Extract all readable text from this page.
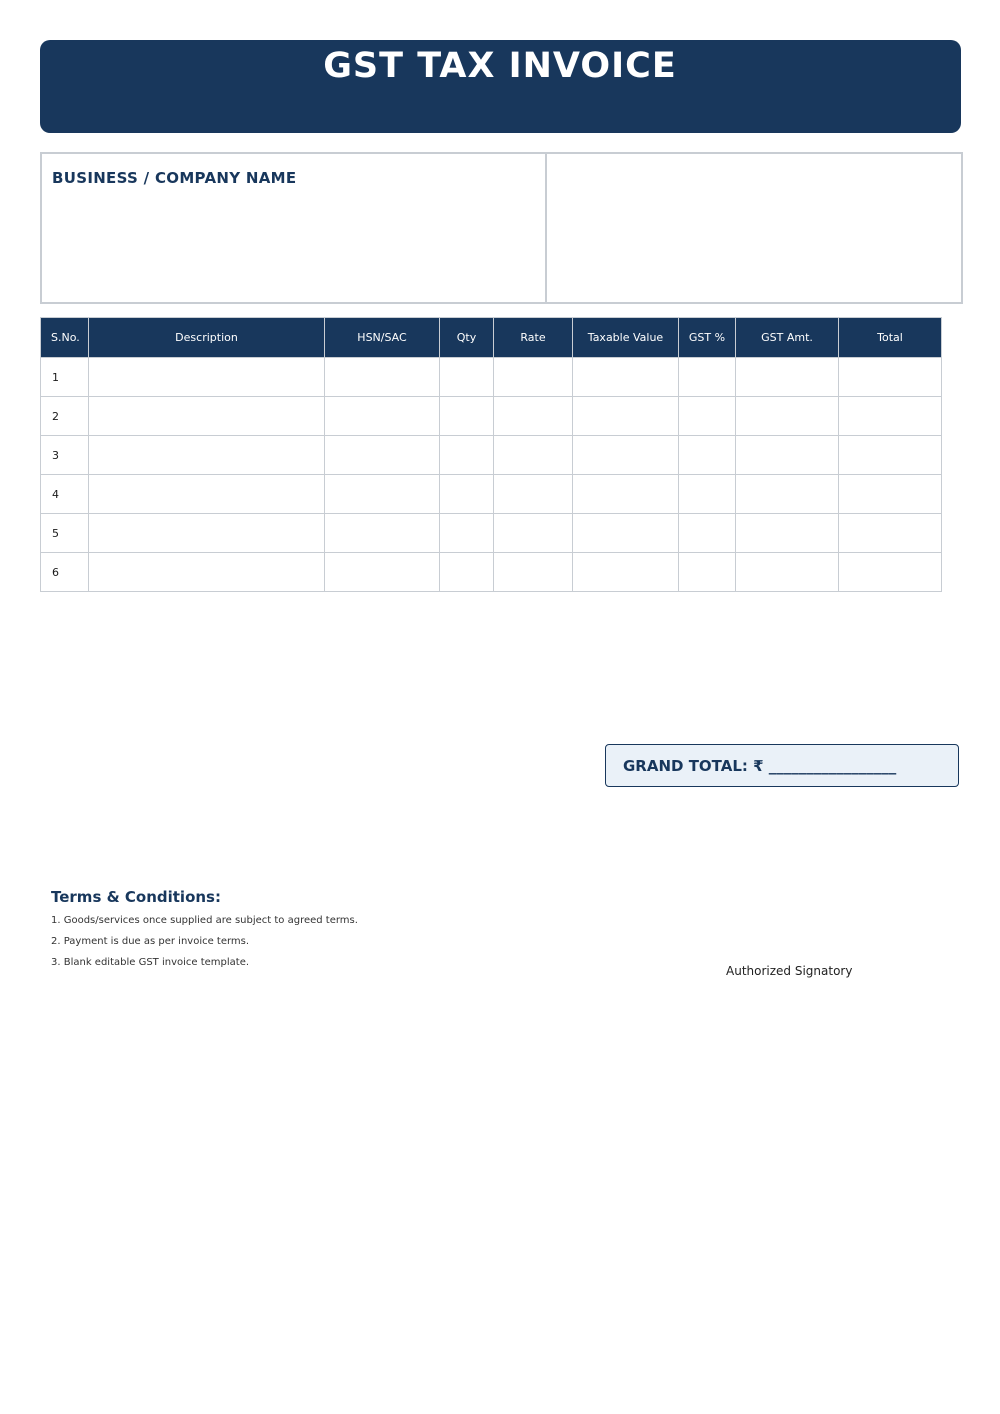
GST TAX INVOICE
BUSINESS / COMPANY NAME
S.No.	Description	HSN/SAC	Qty	Rate	Taxable Value	GST %	GST Amt.	Total
1								
2								
3								
4								
5								
6								
GRAND TOTAL: ₹ _________________
Terms & Conditions:
1. Goods/services once supplied are subject to agreed terms.
2. Payment is due as per invoice terms.
3. Blank editable GST invoice template.
Authorized Signatory
